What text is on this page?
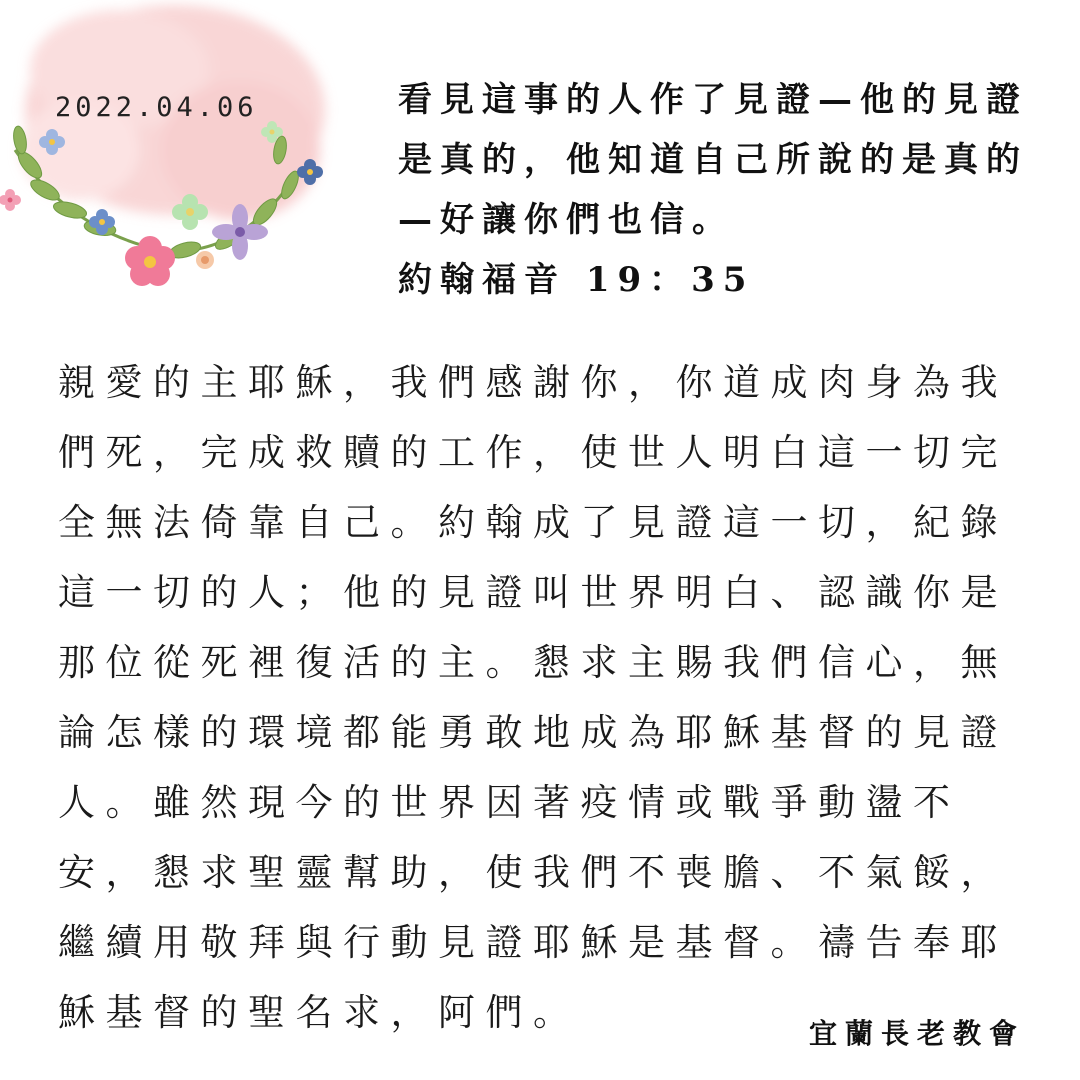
2022.04.06	看見這事的人作了見證—他的見證是真的，他知道自己所說的是真的—好讓你們也信。
約翰福音 19：35
親愛的主耶穌，我們感謝你，你道成肉身為我們死，完成救贖的工作，使世人明白這一切完全無法倚靠自己。約翰成了見證這一切，紀錄這一切的人；他的見證叫世界明白、認識你是那位從死裡復活的主。懇求主賜我們信心，無論怎樣的環境都能勇敢地成為耶穌基督的見證人。雖然現今的世界因著疫情或戰爭動盪不安，懇求聖靈幫助，使我們不喪膽、不氣餒，繼續用敬拜與行動見證耶穌是基督。禱告奉耶穌基督的聖名求，阿們。	宜蘭長老教會
